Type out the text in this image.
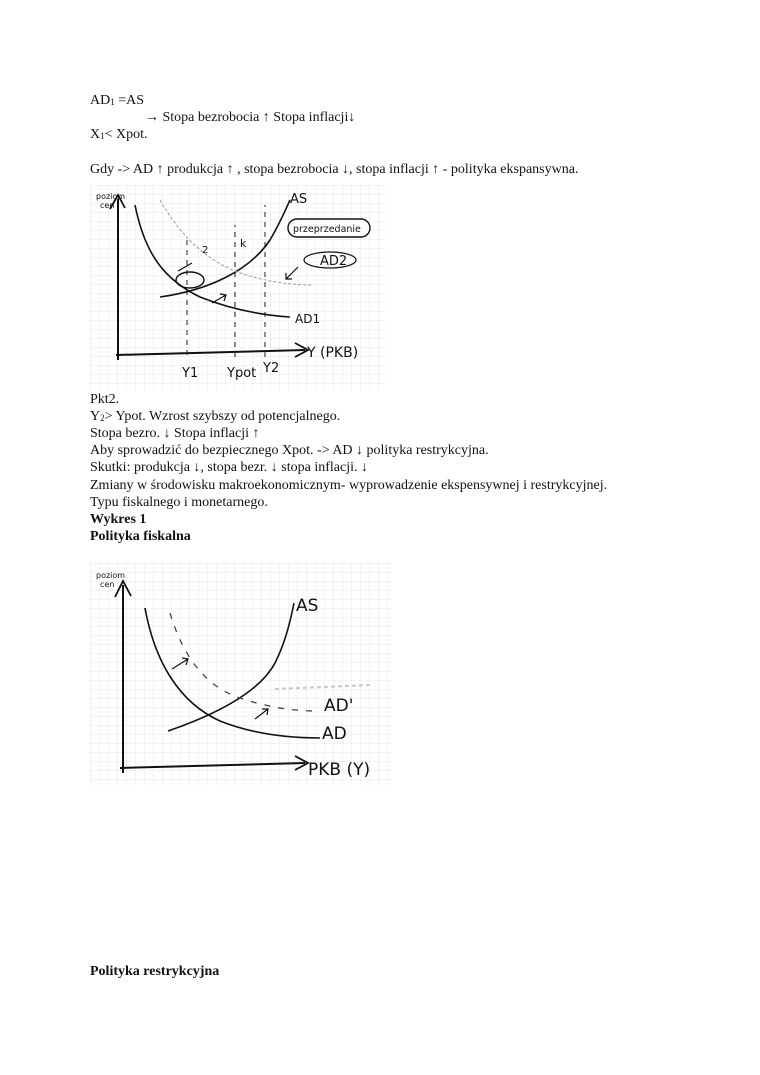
$AD_1 =AS$
→ Stopa bezrobocia ↑ Stopa inflacji↓
$X_1<$ Xpot.
Gdy -> AD ↑ produkcja ↑ , stopa bezrobocia ↓, stopa inflacji ↑ - polityka ekspansywna.
poziom
cen	AS
przeprzedanie
AD2
AD1
Y (PKB)
Y1 Ypot Y2
2
k
Pkt2.
$Y_2>$ Ypot. Wzrost szybszy od potencjalnego.
Stopa bezro. ↓ Stopa inflacji ↑
Aby sprowadzić do bezpiecznego Xpot. -> AD ↓ polityka restrykcyjna.
Skutki: produkcja ↓, stopa bezr. ↓ stopa inflacji. ↓
Zmiany w środowisku makroekonomicznym- wyprowadzenie ekspensywnej i restrykcyjnej.
Typu fiskalnego i monetarnego.
Wykres 1
Polityka fiskalna
poziom
cen
AS
AD'
AD
PKB (Y)
Polityka restrykcyjna
